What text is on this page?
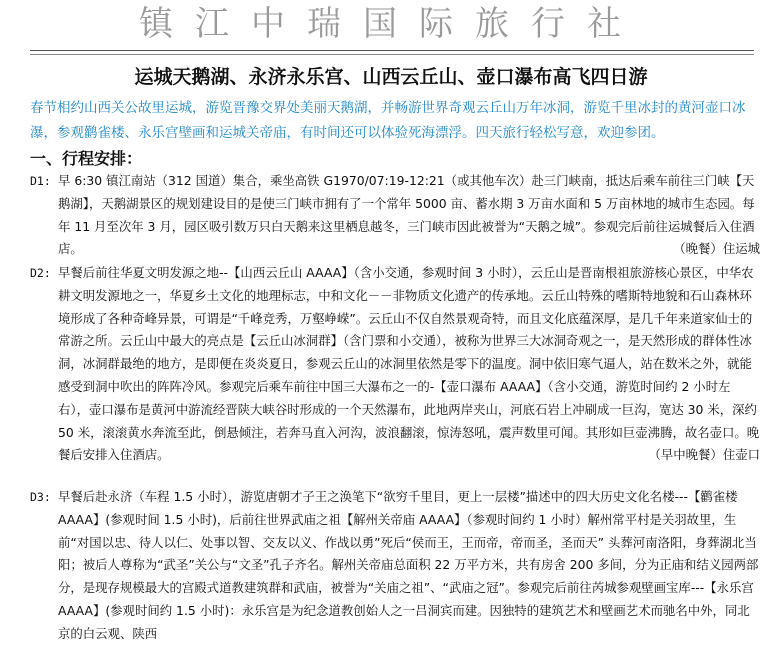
镇江中瑞国际旅行社
运城天鹅湖、永济永乐宫、山西云丘山、壶口瀑布高飞四日游
春节相约山西关公故里运城，游览晋豫交界处美丽天鹅湖，并畅游世界奇观云丘山万年冰洞，游览千里冰封的黄河壶口冰瀑，参观鹳雀楼、永乐宫壁画和运城关帝庙，有时间还可以体验死海漂浮。四天旅行轻松写意，欢迎参团。
一、行程安排：
D1: 早 6:30 镇江南站（312 国道）集合，乘坐高铁 G1970/07:19-12:21（或其他车次）赴三门峡南，抵达后乘车前往三门峡【天鹅湖】，天鹅湖景区的规划建设目的是使三门峡市拥有了一个常年 5000 亩、蓄水期 3 万亩水面和 5 万亩林地的城市生态园。每年 11 月至次年 3 月，园区吸引数万只白天鹅来这里栖息越冬，三门峡市因此被誉为“天鹅之城”。参观完后前往运城餐后入住酒店。	（晚餐）住运城
D2: 早餐后前往华夏文明发源之地--【山西云丘山 AAAA】（含小交通，参观时间 3 小时），云丘山是晋南根祖旅游核心景区，中华农耕文明发源地之一，华夏乡土文化的地理标志，中和文化－－非物质文化遗产的传承地。云丘山特殊的嗜斯特地貌和石山森林环境形成了各种奇峰异景，可谓是“千峰竞秀，万壑峥嵘”。云丘山不仅自然景观奇特，而且文化底蕴深厚，是几千年来道家仙士的常游之所。云丘山中最大的亮点是【云丘山冰洞群】（含门票和小交通），被称为世界三大冰洞奇观之一，是天然形成的群体性冰洞，冰洞群最绝的地方，是即便在炎炎夏日，参观云丘山的冰洞里依然是零下的温度。洞中依旧寒气逼人，站在数米之外，就能感受到洞中吹出的阵阵冷风。参观完后乘车前往中国三大瀑布之一的-【壶口瀑布 AAAA】（含小交通，游览时间约 2 小时左右），壶口瀑布是黄河中游流经晋陕大峡谷时形成的一个天然瀑布，此地两岸夹山，河底石岩上冲刷成一巨沟，宽达 30 米，深约 50 米，滚滚黄水奔流至此，倒悬倾注，若奔马直入河沟，波浪翻滚，惊涛怒吼，震声数里可闻。其形如巨壶沸腾，故名壶口。晚餐后安排入住酒店。	（早中晚餐）住壶口
D3: 早餐后赴永济（车程 1.5 小时），游览唐朝才子王之涣笔下“欲穷千里目，更上一层楼”描述中的四大历史文化名楼---【鹳雀楼 AAAA】(参观时间 1.5 小时)，后前往世界武庙之祖【解州关帝庙 AAAA】（参观时间约 1 小时）解州常平村是关羽故里，生前“对国以忠、待人以仁、处事以智、交友以义、作战以勇”死后“侯而王，王而帝，帝而圣，圣而天” 头葬河南洛阳，身葬湖北当阳；被后人尊称为“武圣”关公与“文圣”孔子齐名。解州关帝庙总面积 22 万平方米，共有房舍 200 多间，分为正庙和结义园两部分，是现存规模最大的宫殿式道教建筑群和武庙，被誉为“关庙之祖”、“武庙之冠”。参观完后前往芮城参观壁画宝库---【永乐宫 AAAA】(参观时间约 1.5 小时)：永乐宫是为纪念道教创始人之一吕洞宾而建。因独特的建筑艺术和壁画艺术而驰名中外，同北京的白云观、陕西
